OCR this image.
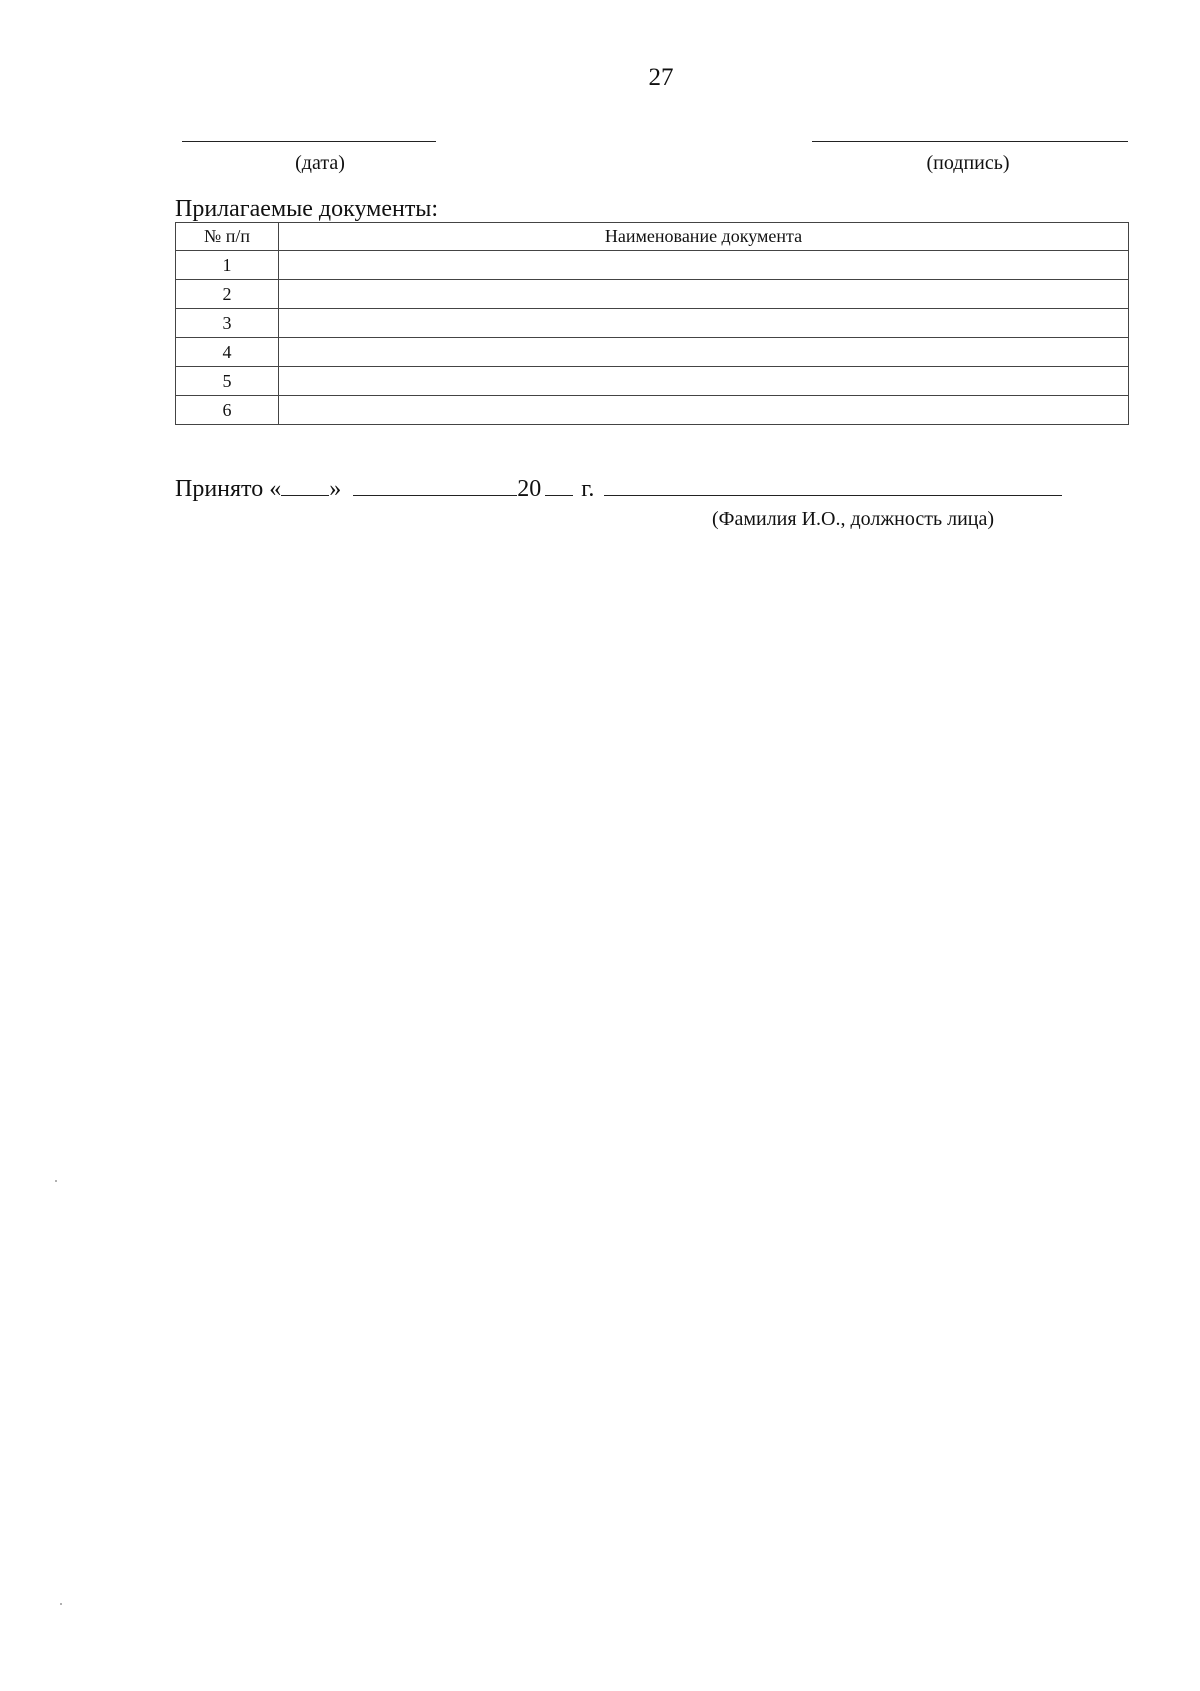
27
(дата)	(подпись)
Прилагаемые документы:
№ п/п	Наименование документа
1	
2	
3	
4	
5	
6	
Принято « »	20 г.
(Фамилия И.О., должность лица)
